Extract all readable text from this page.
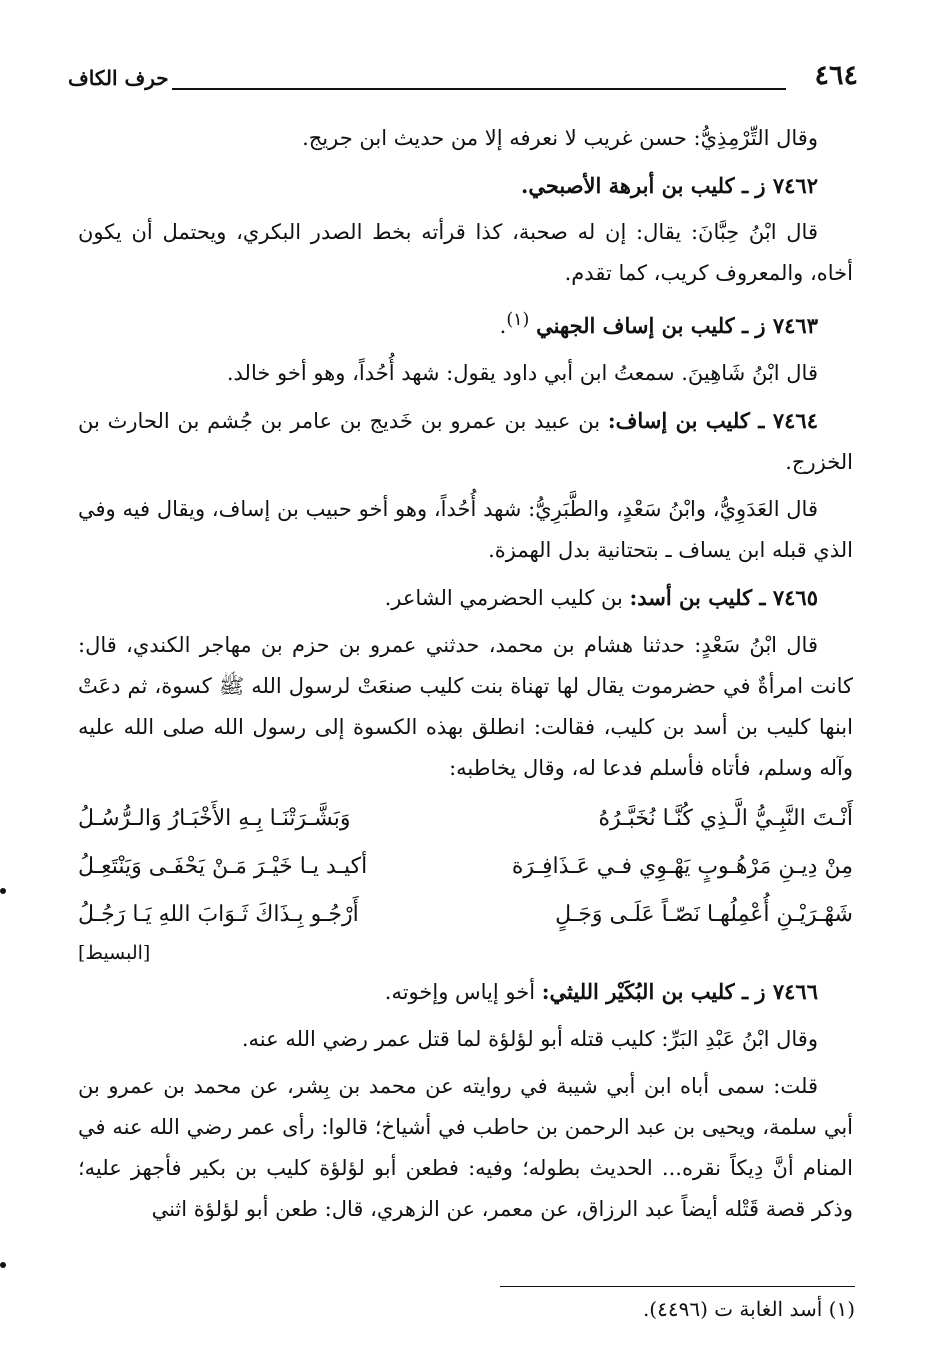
٤٦٤
حرف الكاف

وقال التِّرْمِذِيُّ: حسن غريب لا نعرفه إلا من حديث ابن جريج.

٧٤٦٢ ز ـ كليب بن أبرهة الأصبحي.

قال ابْنُ حِبَّانَ: يقال: إن له صحبة، كذا قرأته بخط الصدر البكري، ويحتمل أن يكون أخاه، والمعروف كريب، كما تقدم.

٧٤٦٣ ز ـ كليب بن إساف الجهني $^{(١)}$.

قال ابْنُ شَاهِينَ. سمعتُ ابن أبي داود يقول: شهد أُحُداً، وهو أخو خالد.

٧٤٦٤ ـ كليب بن إساف: بن عبيد بن عمرو بن خَديج بن عامر بن جُشم بن الحارث بن الخزرج.

قال العَدَوِيُّ، وابْنُ سَعْدٍ، والطَّبَرِيُّ: شهد أُحُداً، وهو أخو حبيب بن إساف، ويقال فيه وفي الذي قبله ابن يساف ـ بتحتانية بدل الهمزة.

٧٤٦٥ ـ كليب بن أسد: بن كليب الحضرمي الشاعر.

قال ابْنُ سَعْدٍ: حدثنا هشام بن محمد، حدثني عمرو بن حزم بن مهاجر الكندي، قال: كانت امرأةٌ في حضرموت يقال لها تهناة بنت كليب صنعَتْ لرسول الله ﷺ كسوة، ثم دعَتْ ابنها كليب بن أسد بن كليب، فقالت: انطلق بهذه الكسوة إلى رسول الله صلى الله عليه وآله وسلم، فأتاه فأسلم فدعا له، وقال يخاطبه:

أَنْـتَ النَّبِـيُّ الَّـذِي كُنَّـا نُخَبَّـرُهُ
وَبَشَّـرَتْنَـا بِـهِ الأَخْبَـارُ وَالـرُّسُـلُ
مِنْ دِيـنِ مَرْهُـوبٍ يَهْـوِي فـي عَـذَافِـرَة
أكيـد يـا خَيْـرَ مَـنْ يَحْفَـى وَيَنْتَعِـلُ
شَهْـرَيْـنِ أُعْمِلُهـا نَصّـاً عَلَـى وَجَـلٍ
أَرْجُـو بِـذَاكَ ثَـوَابَ اللهِ يَـا رَجُـلُ
[البسيط]

٧٤٦٦ ز ـ كليب بن البُكَيْر الليثي: أخو إياس وإخوته.

وقال ابْنُ عَبْدِ البَرِّ: كليب قتله أبو لؤلؤة لما قتل عمر رضي الله عنه.

قلت: سمى أباه ابن أبي شيبة في روايته عن محمد بن بِشر، عن محمد بن عمرو بن أبي سلمة، ويحيى بن عبد الرحمن بن حاطب في أشياخ؛ قالوا: رأى عمر رضي الله عنه في المنام أنَّ دِيكاً نقره... الحديث بطوله؛ وفيه: فطعن أبو لؤلؤة كليب بن بكير فأجهز عليه؛ وذكر قصة قَتْله أيضاً عبد الرزاق، عن معمر، عن الزهري، قال: طعن أبو لؤلؤة اثني

(١) أسد الغابة ت (٤٤٩٦).
